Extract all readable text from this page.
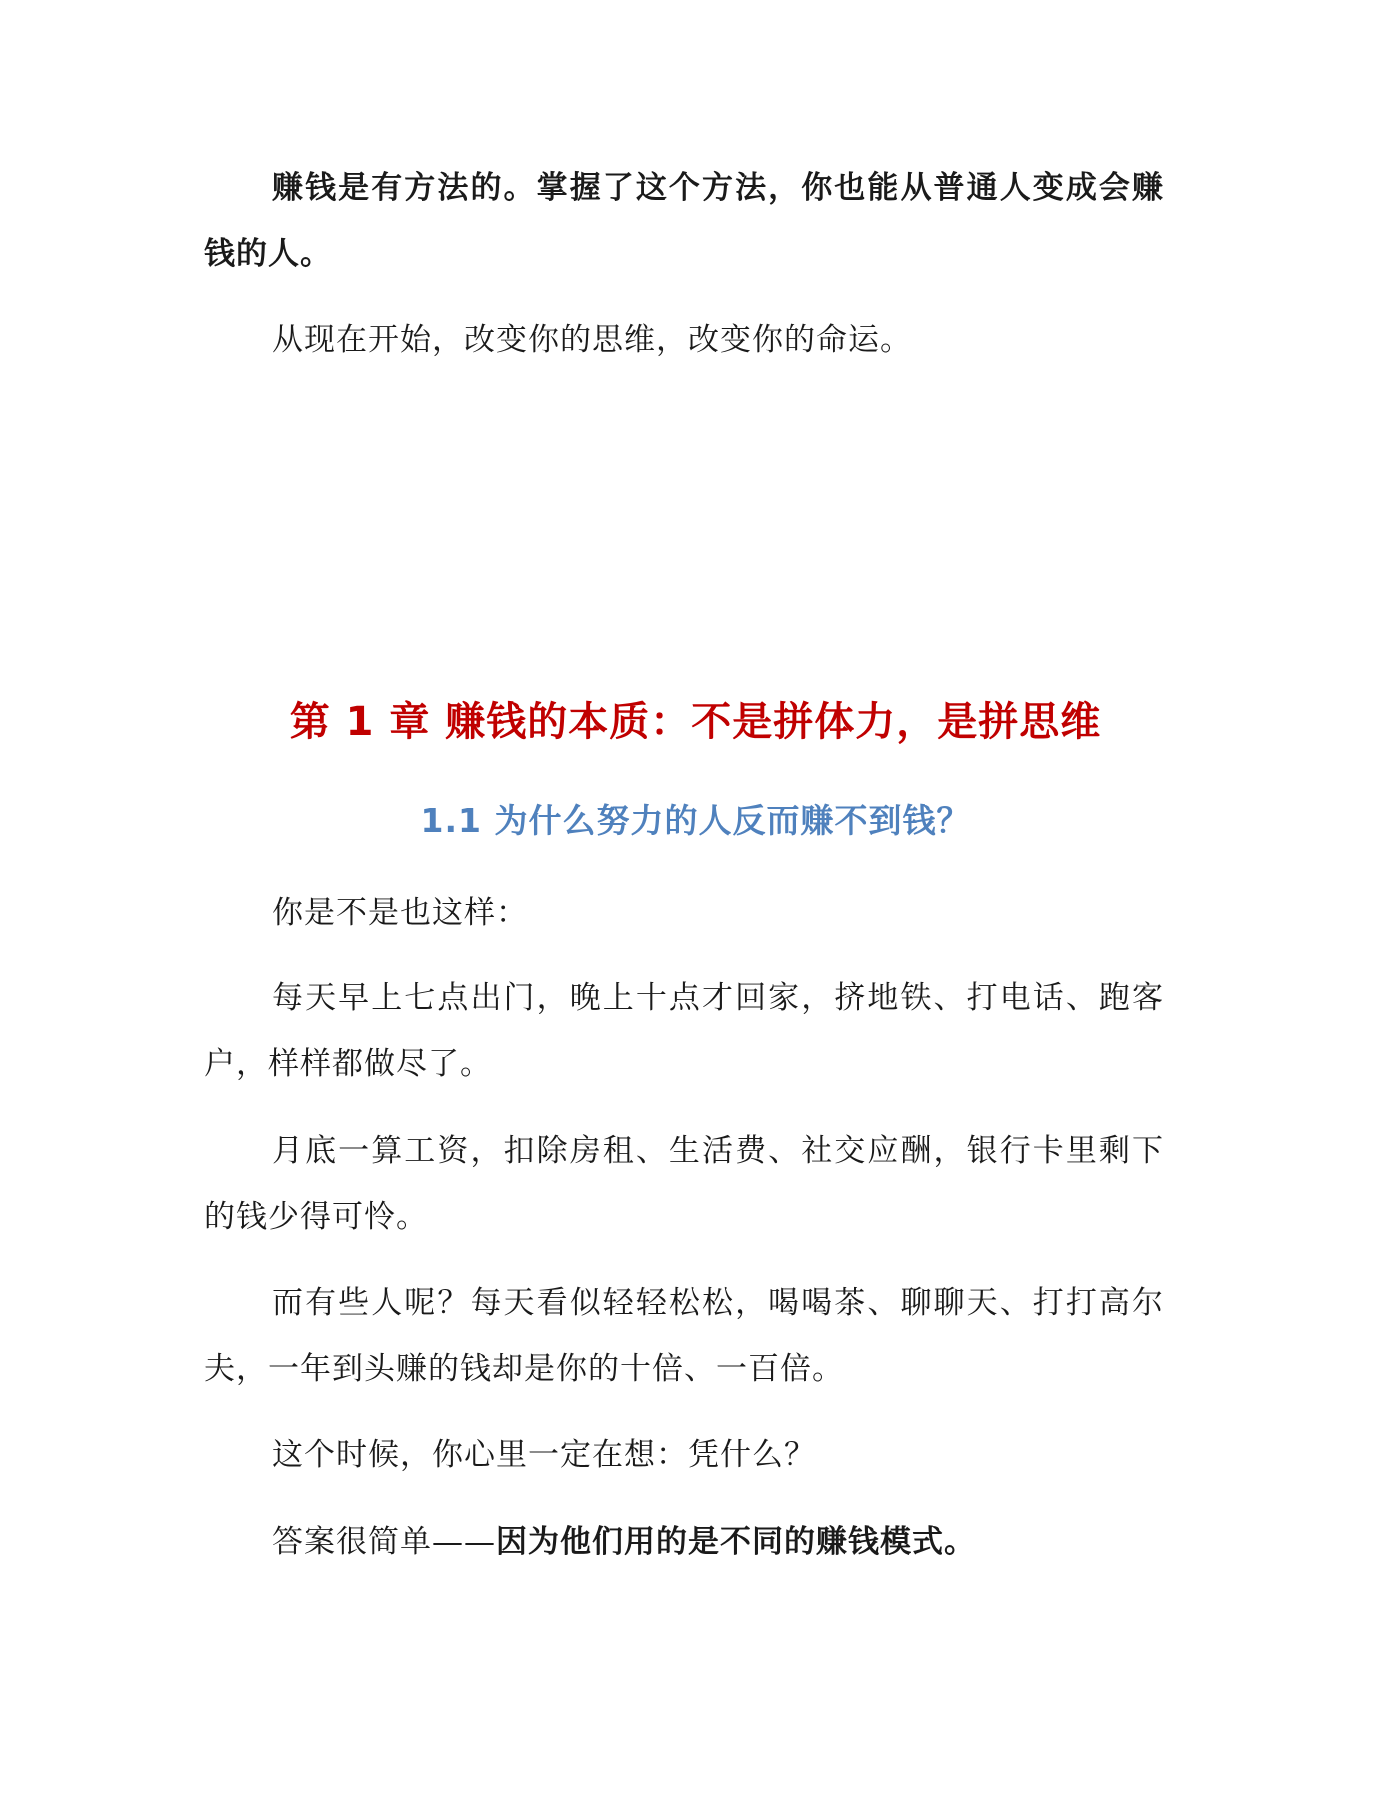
赚钱是有方法的。掌握了这个方法，你也能从普通人变成会赚钱的人。

从现在开始，改变你的思维，改变你的命运。

第 1 章 赚钱的本质：不是拼体力，是拼思维
1.1 为什么努力的人反而赚不到钱？

你是不是也这样：

每天早上七点出门，晚上十点才回家，挤地铁、打电话、跑客户，样样都做尽了。

月底一算工资，扣除房租、生活费、社交应酬，银行卡里剩下的钱少得可怜。

而有些人呢？每天看似轻轻松松，喝喝茶、聊聊天、打打高尔夫，一年到头赚的钱却是你的十倍、一百倍。

这个时候，你心里一定在想：凭什么？

答案很简单——因为他们用的是不同的赚钱模式。
